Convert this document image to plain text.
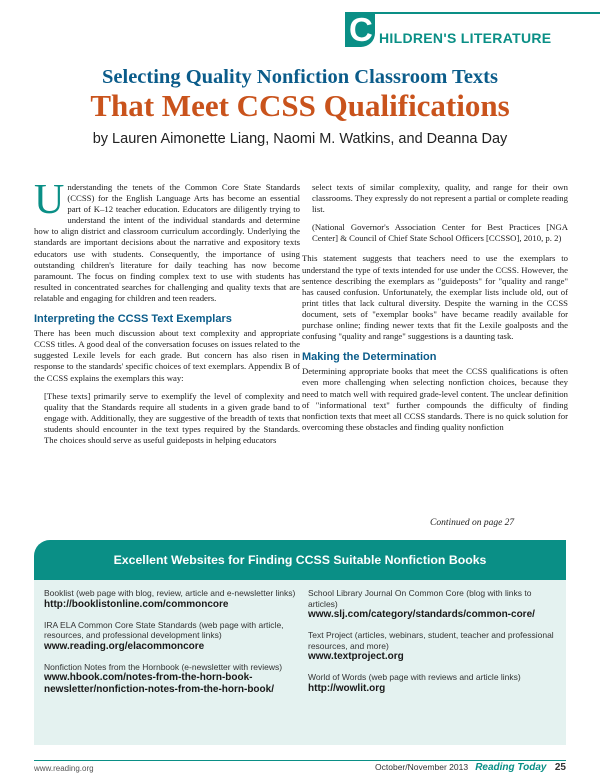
C HILDREN'S LITERATURE
Selecting Quality Nonfiction Classroom Texts
That Meet CCSS Qualifications
by Lauren Aimonette Liang, Naomi M. Watkins, and Deanna Day

Understanding the tenets of the Common Core State Standards (CCSS) for the English Language Arts has become an essential part of K–12 teacher education. Educators are diligently trying to understand the intent of the individual standards and determine how to align district and classroom curriculum accordingly. Underlying the standards are important decisions about the narrative and expository texts educators use with students. Consequently, the importance of using outstanding children's literature for daily teaching has now become paramount. The focus on finding complex text to use with students has resulted in concentrated searches for challenging and quality texts that are relatable and engaging for children and teen readers.

Interpreting the CCSS Text Exemplars

There has been much discussion about text complexity and appropriate CCSS titles. A good deal of the conversation focuses on issues related to the suggested Lexile levels for each grade. But concern has also risen in response to the standards' specific choices of text exemplars. Appendix B of the CCSS explains the exemplars this way:

[These texts] primarily serve to exemplify the level of complexity and quality that the Standards require all students in a given grade band to engage with. Additionally, they are suggestive of the breadth of texts that students should encounter in the text types required by the Standards. The choices should serve as useful guideposts in helping educators

select texts of similar complexity, quality, and range for their own classrooms. They expressly do not represent a partial or complete reading list.

(National Governor's Association Center for Best Practices [NGA Center] & Council of Chief State School Officers [CCSSO], 2010, p. 2)

This statement suggests that teachers need to use the exemplars to understand the type of texts intended for use under the CCSS. However, the sentence describing the exemplars as "guideposts" for "quality and range" has caused confusion. Unfortunately, the exemplar lists include old, out of print titles that lack cultural diversity. Despite the warning in the CCSS document, sets of "exemplar books" have became readily available for purchase online; finding newer texts that fit the Lexile goalposts and the confusing "quality and range" suggestions is a daunting task.

Making the Determination

Determining appropriate books that meet the CCSS qualifications is often even more challenging when selecting nonfiction choices, because they need to match well with required grade-level content. The unclear definition of "informational text" further compounds the difficulty of finding nonfiction texts that meet all CCSS standards. There is no quick solution for overcoming these obstacles and finding quality nonfiction

Continued on page 27
Excellent Websites for Finding CCSS Suitable Nonfiction Books
Booklist (web page with blog, review, article and e-newsletter links)
http://booklistonline.com/commoncore
IRA ELA Common Core State Standards (web page with article, resources, and professional development links)
www.reading.org/elacommoncore
Nonfiction Notes from the Hornbook (e-newsletter with reviews)
www.hbook.com/notes-from-the-horn-book-newsletter/nonfiction-notes-from-the-horn-book/
School Library Journal On Common Core (blog with links to articles)
www.slj.com/category/standards/common-core/
Text Project (articles, webinars, student, teacher and professional resources, and more)
www.textproject.org
World of Words (web page with reviews and article links)
http://wowlit.org
www.reading.org	October/November 2013 Reading Today 25
